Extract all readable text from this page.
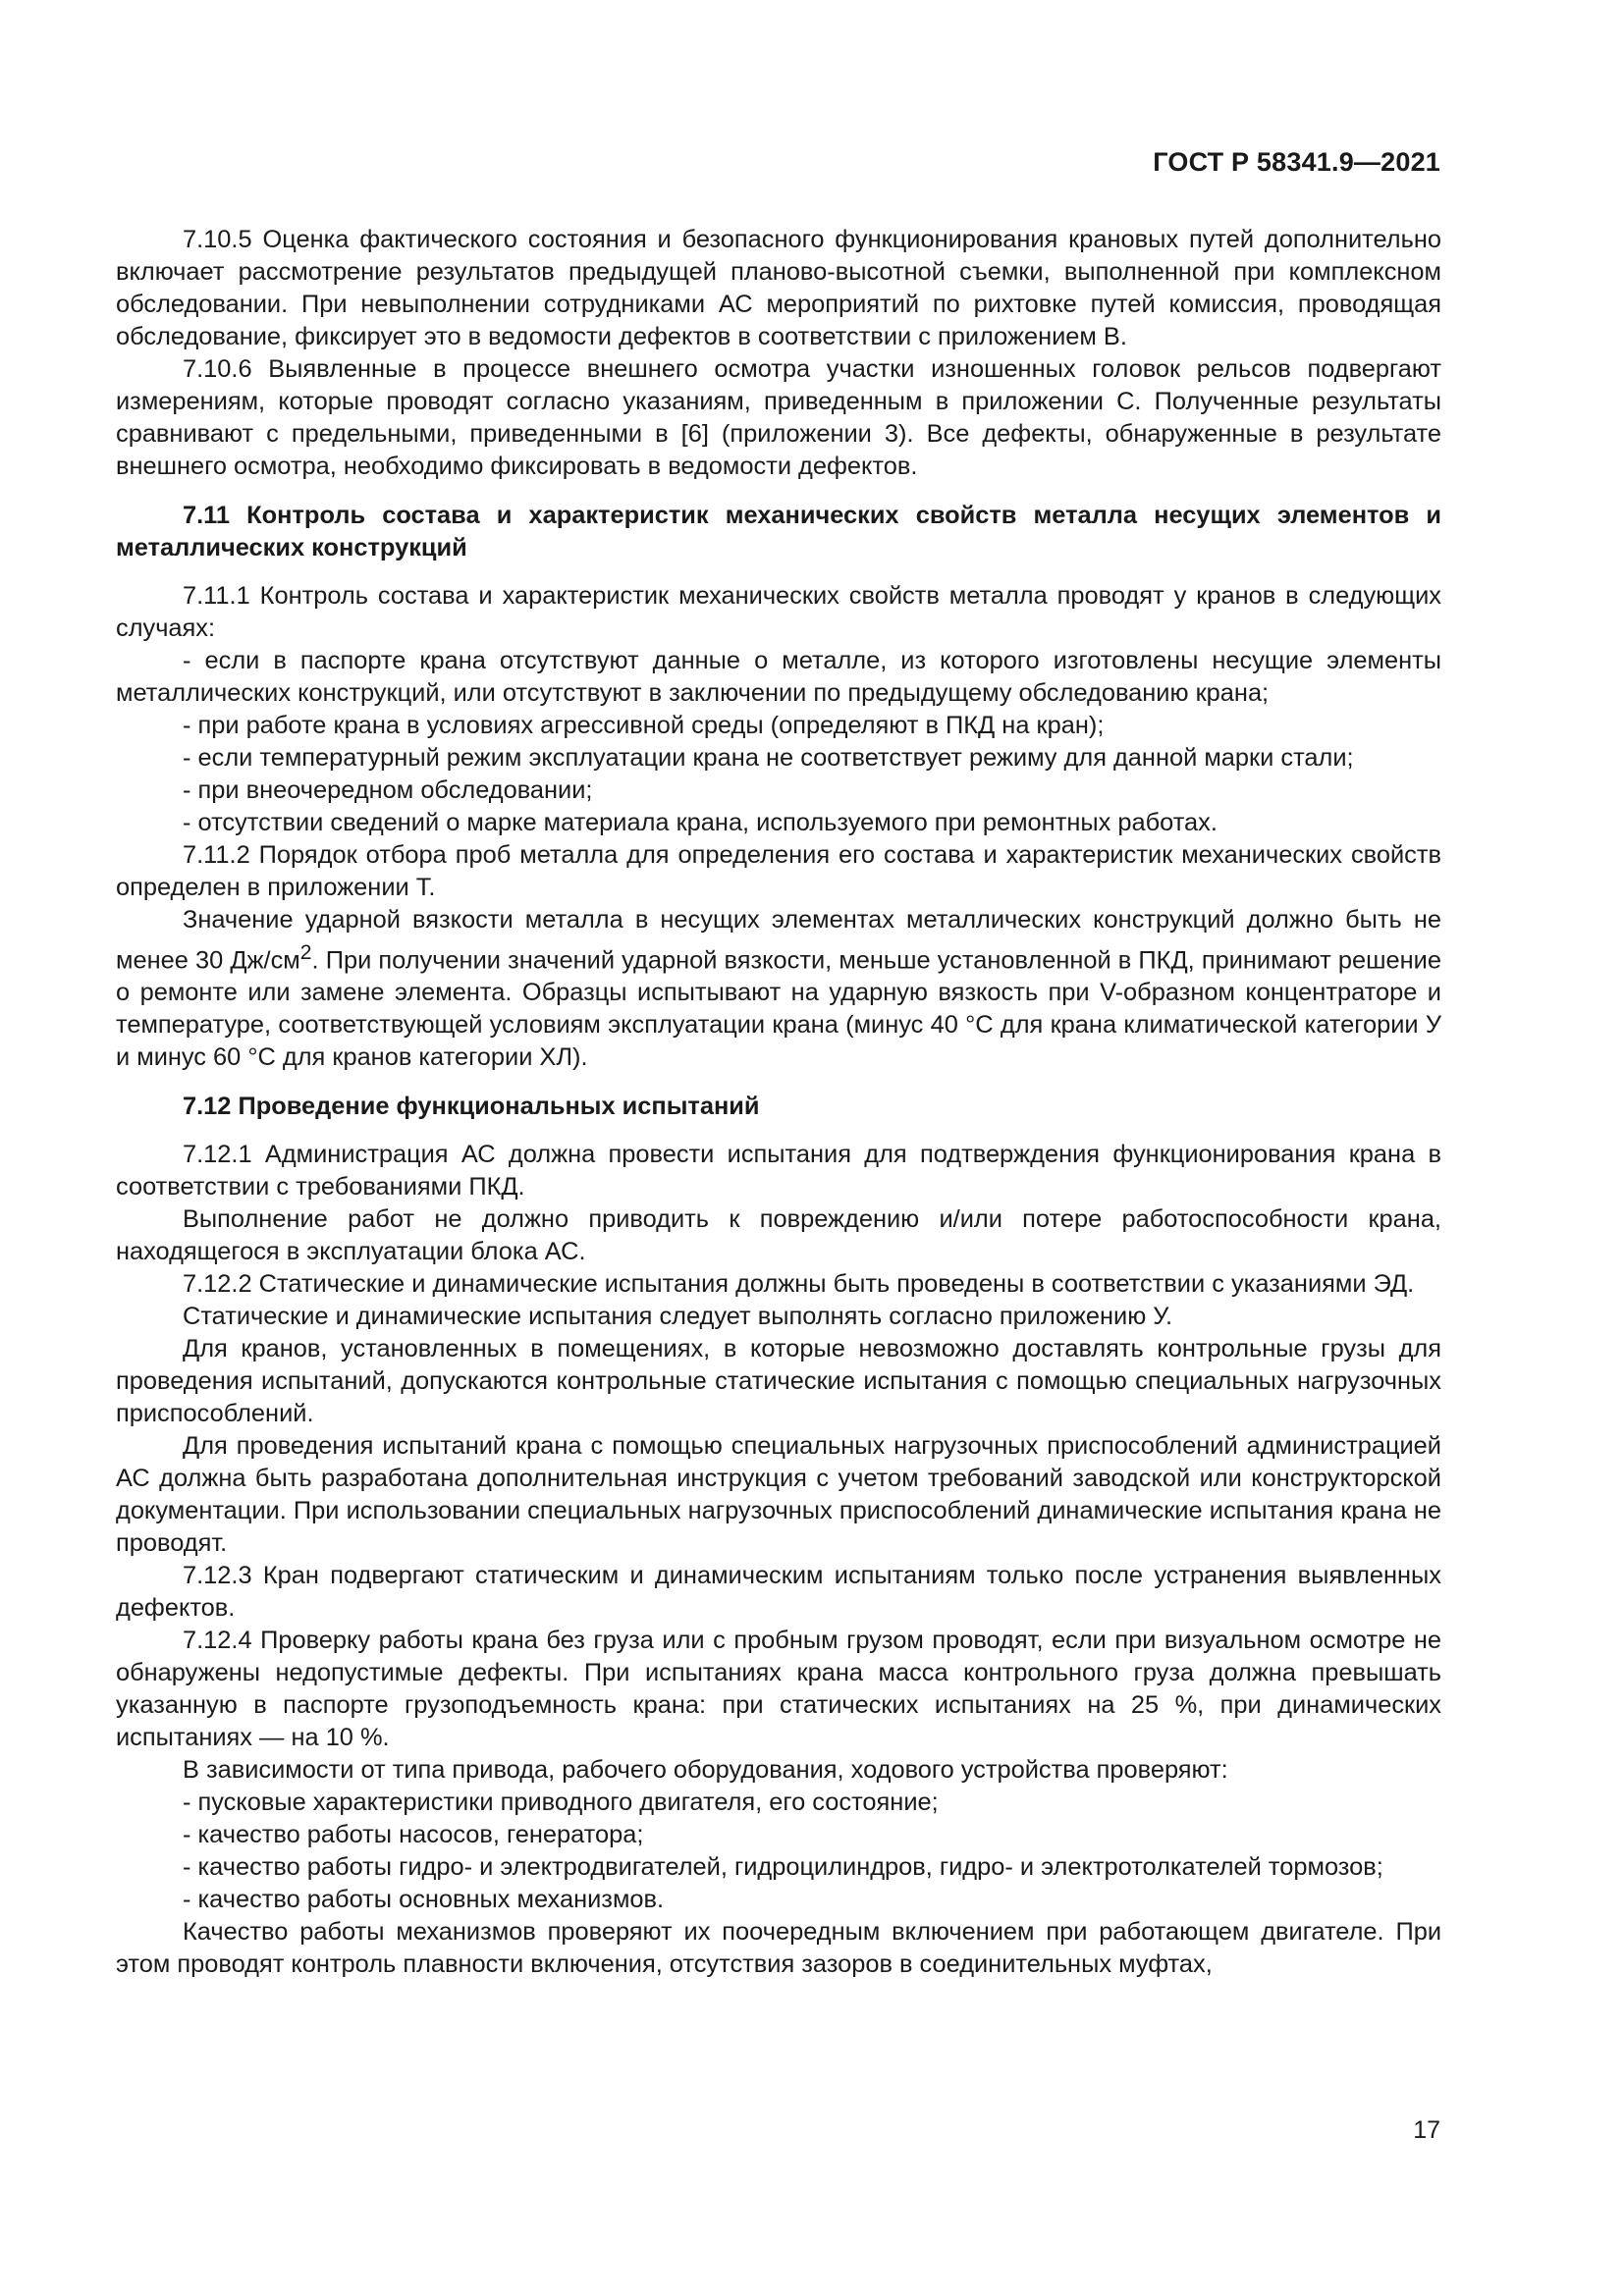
ГОСТ Р 58341.9—2021

7.10.5 Оценка фактического состояния и безопасного функционирования крановых путей дополнительно включает рассмотрение результатов предыдущей планово-высотной съемки, выполненной при комплексном обследовании. При невыполнении сотрудниками АС мероприятий по рихтовке путей комиссия, проводящая обследование, фиксирует это в ведомости дефектов в соответствии с приложением В.

7.10.6 Выявленные в процессе внешнего осмотра участки изношенных головок рельсов подвергают измерениям, которые проводят согласно указаниям, приведенным в приложении С. Полученные результаты сравнивают с предельными, приведенными в [6] (приложении 3). Все дефекты, обнаруженные в результате внешнего осмотра, необходимо фиксировать в ведомости дефектов.

7.11 Контроль состава и характеристик механических свойств металла несущих элементов и металлических конструкций

7.11.1 Контроль состава и характеристик механических свойств металла проводят у кранов в следующих случаях:

- если в паспорте крана отсутствуют данные о металле, из которого изготовлены несущие элементы металлических конструкций, или отсутствуют в заключении по предыдущему обследованию крана;

- при работе крана в условиях агрессивной среды (определяют в ПКД на кран);

- если температурный режим эксплуатации крана не соответствует режиму для данной марки стали;

- при внеочередном обследовании;

- отсутствии сведений о марке материала крана, используемого при ремонтных работах.

7.11.2 Порядок отбора проб металла для определения его состава и характеристик механических свойств определен в приложении Т.

Значение ударной вязкости металла в несущих элементах металлических конструкций должно быть не менее 30 $Дж/см^2$. При получении значений ударной вязкости, меньше установленной в ПКД, принимают решение о ремонте или замене элемента. Образцы испытывают на ударную вязкость при V-образном концентраторе и температуре, соответствующей условиям эксплуатации крана (минус 40 °С для крана климатической категории У и минус 60 °С для кранов категории ХЛ).

7.12 Проведение функциональных испытаний

7.12.1 Администрация АС должна провести испытания для подтверждения функционирования крана в соответствии с требованиями ПКД.

Выполнение работ не должно приводить к повреждению и/или потере работоспособности крана, находящегося в эксплуатации блока АС.

7.12.2 Статические и динамические испытания должны быть проведены в соответствии с указаниями ЭД.

Статические и динамические испытания следует выполнять согласно приложению У.

Для кранов, установленных в помещениях, в которые невозможно доставлять контрольные грузы для проведения испытаний, допускаются контрольные статические испытания с помощью специальных нагрузочных приспособлений.

Для проведения испытаний крана с помощью специальных нагрузочных приспособлений администрацией АС должна быть разработана дополнительная инструкция с учетом требований заводской или конструкторской документации. При использовании специальных нагрузочных приспособлений динамические испытания крана не проводят.

7.12.3 Кран подвергают статическим и динамическим испытаниям только после устранения выявленных дефектов.

7.12.4 Проверку работы крана без груза или с пробным грузом проводят, если при визуальном осмотре не обнаружены недопустимые дефекты. При испытаниях крана масса контрольного груза должна превышать указанную в паспорте грузоподъемность крана: при статических испытаниях на 25 %, при динамических испытаниях — на 10 %.

В зависимости от типа привода, рабочего оборудования, ходового устройства проверяют:

- пусковые характеристики приводного двигателя, его состояние;

- качество работы насосов, генератора;

- качество работы гидро- и электродвигателей, гидроцилиндров, гидро- и электротолкателей тормозов;

- качество работы основных механизмов.

Качество работы механизмов проверяют их поочередным включением при работающем двигателе. При этом проводят контроль плавности включения, отсутствия зазоров в соединительных муфтах,

17
